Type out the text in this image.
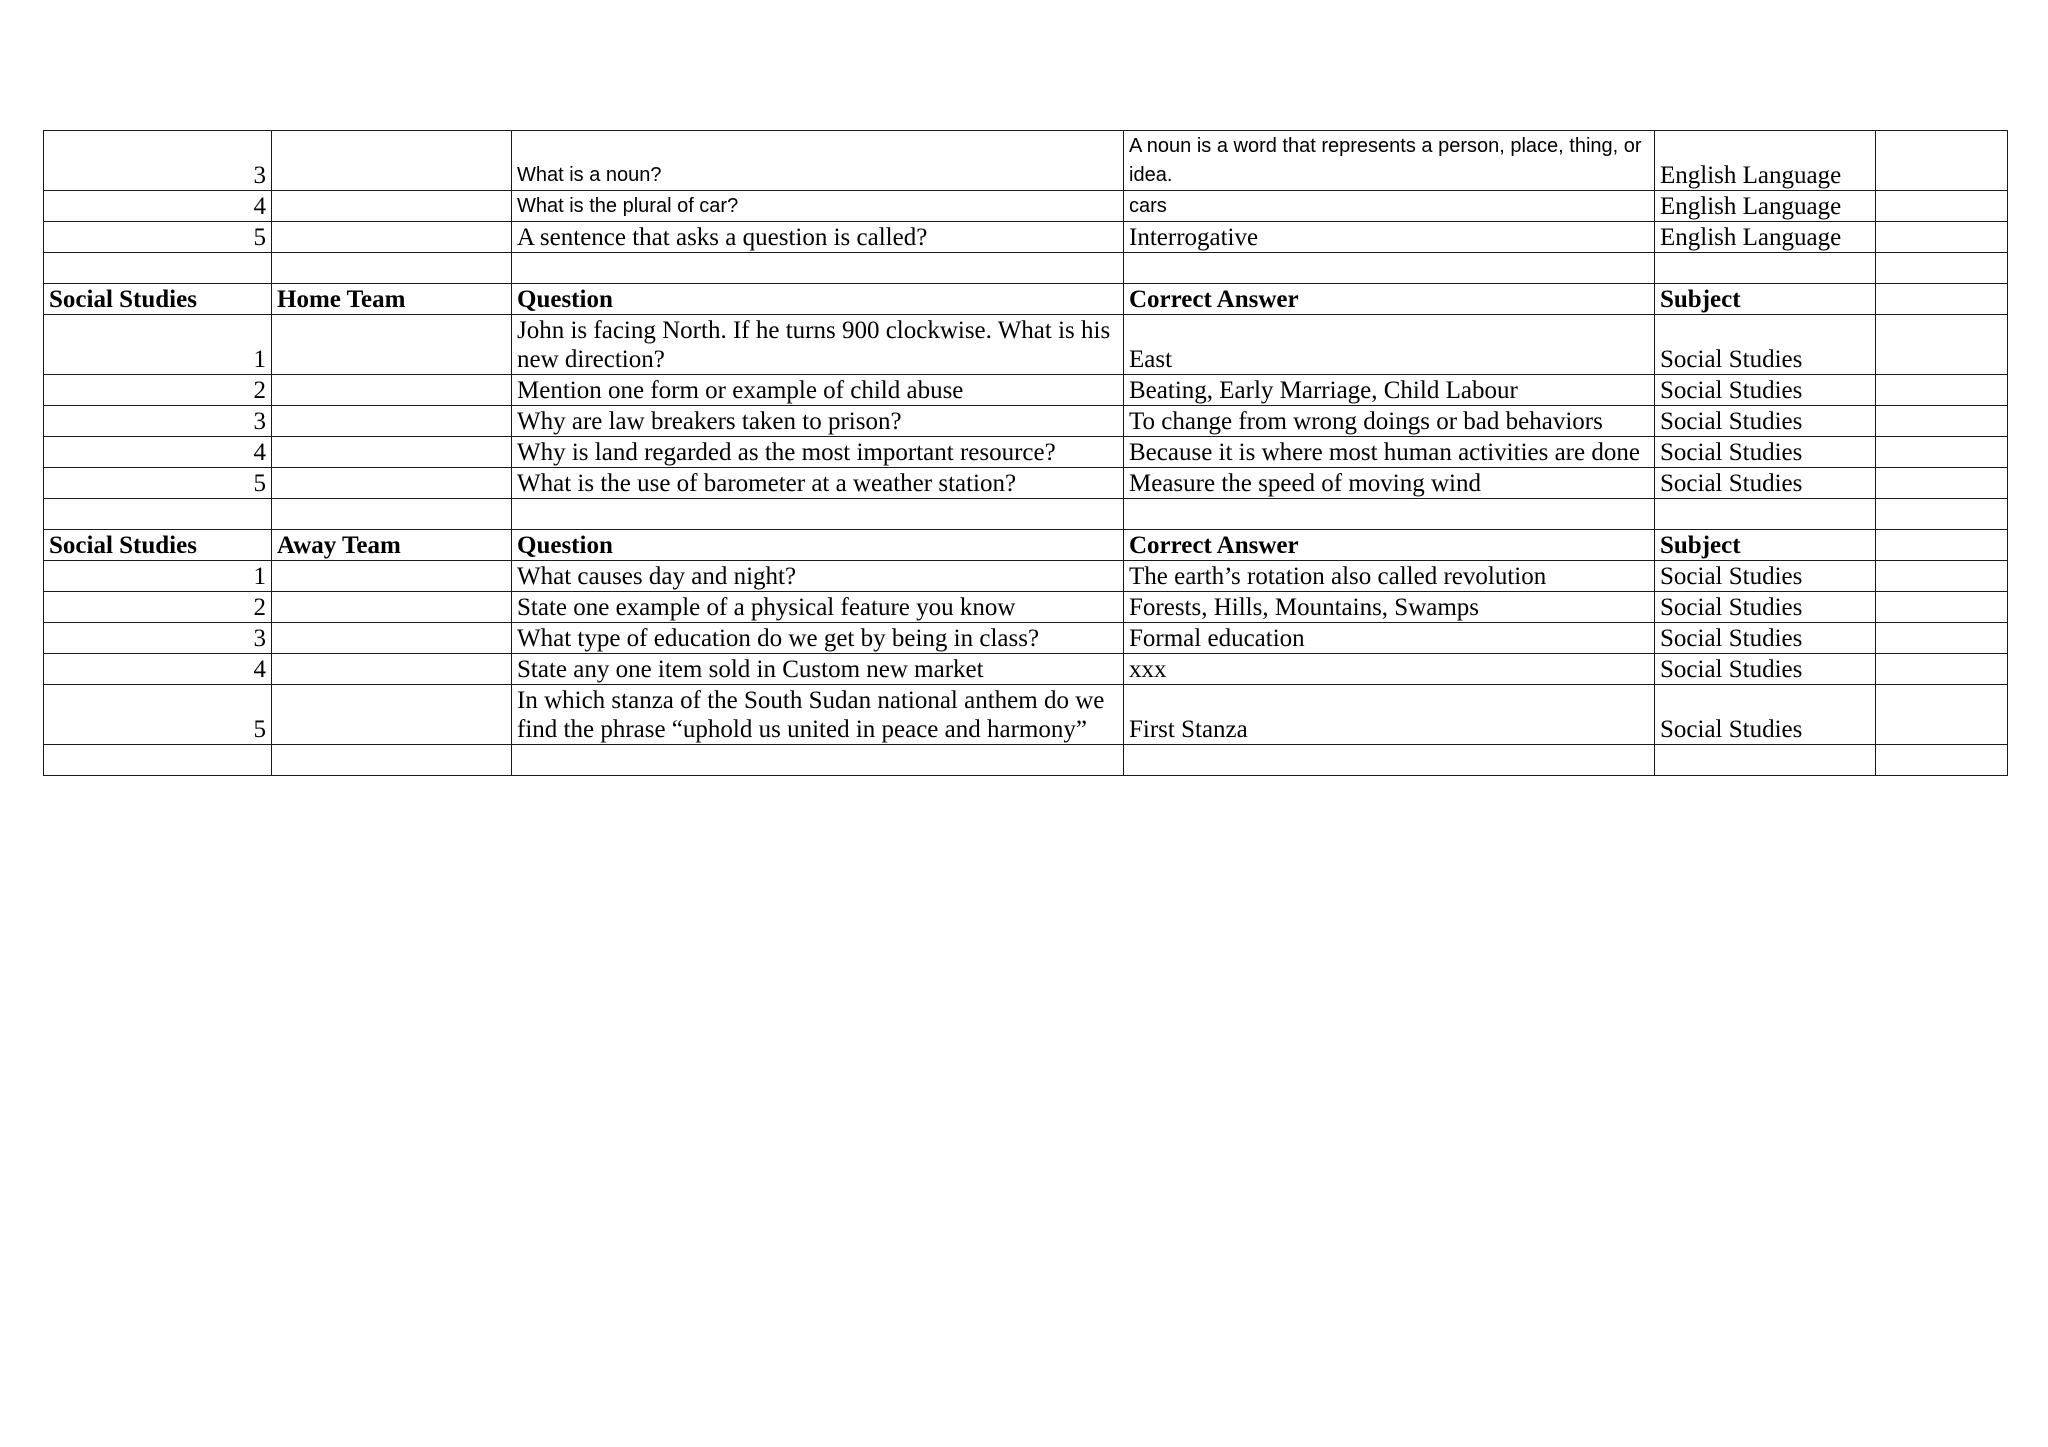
3		What is a noun?	A noun is a word that represents a person, place, thing, or idea.	English Language	
4		What is the plural of car?	cars	English Language	
5		A sentence that asks a question is called?	Interrogative	English Language	

Social Studies	Home Team	Question	Correct Answer	Subject	
1		John is facing North. If he turns 900 clockwise. What is his new direction?	East	Social Studies	
2		Mention one form or example of child abuse	Beating, Early Marriage, Child Labour	Social Studies	
3		Why are law breakers taken to prison?	To change from wrong doings or bad behaviors	Social Studies	
4		Why is land regarded as the most important resource?	Because it is where most human activities are done	Social Studies	
5		What is the use of barometer at a weather station?	Measure the speed of moving wind	Social Studies	

Social Studies	Away Team	Question	Correct Answer	Subject	
1		What causes day and night?	The earth’s rotation also called revolution	Social Studies	
2		State one example of a physical feature you know	Forests, Hills, Mountains, Swamps	Social Studies	
3		What type of education do we get by being in class?	Formal education	Social Studies	
4		State any one item sold in Custom new market	xxx	Social Studies	
5		In which stanza of the South Sudan national anthem do we find the phrase “uphold us united in peace and harmony”	First Stanza	Social Studies	
